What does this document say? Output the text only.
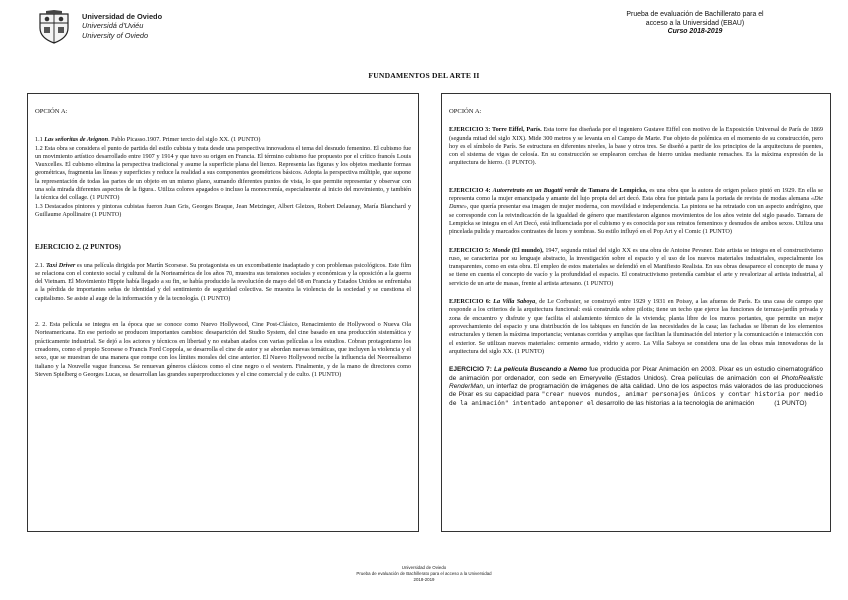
Universidad de Oviedo
Universidá d'Uviéu
University of Oviedo
Prueba de evaluación de Bachillerato para el
acceso a la Universidad (EBAU)
Curso 2018-2019
FUNDAMENTOS DEL ARTE II
OPCIÓN A:

1.1 Las señoritas de Avignon. Pablo Picasso.1907. Primer tercio del siglo XX. (1 PUNTO)

1.2 Esta obra se considera el punto de partida del estilo cubista y trata desde una perspectiva innovadora el tema del desnudo femenino. El cubismo fue un movimiento artístico desarrollado entre 1907 y 1914 y que tuvo su origen en Francia. El término cubismo fue propuesto por el crítico francés Louis Vauxcelles. El cubismo elimina la perspectiva tradicional y asume la superficie plana del lienzo. Representa las figuras y los objetos mediante formas geométricas, fragmenta las líneas y superficies y reduce la realidad a sus componentes geométricos básicos. Adopta la perspectiva múltiple, que supone la representación de todas las partes de un objeto en un mismo plano, sumando diferentes puntos de vista, lo que permite representar y observar con una sola mirada diferentes aspectos de la figura.. Utiliza colores apagados o incluso la monocromía, especialmente al inicio del movimiento, y también la técnica del collage. (1 PUNTO)

1.3 Destacados pintores y pintoras cubistas fueron Juan Gris, Georges Braque, Jean Metzinger, Albert Gleizes, Robert Delaunay, María Blanchard y Guillaume Apollinaire (1 PUNTO)

EJERCICIO 2. (2 PUNTOS)

2.1. Taxi Driver es una película dirigida por Martín Scorsese. Su protagonista es un excombatiente inadaptado y con problemas psicológicos. Este film se relaciona con el contexto social y cultural de la Norteamérica de los años 70, muestra sus tensiones sociales y económicas y la oposición a la guerra del Vietnam. El Movimiento Hippie había llegado a su fin, se había producido la revolución de mayo del 68 en Francia y Estados Unidos se enfrentaba a la pérdida de importantes señas de identidad y del sentimiento de seguridad colectiva. Se muestra la violencia de la sociedad y se cuestiona el capitalismo. Se asiste al auge de la información y de la tecnología. (1 PUNTO)

2. 2. Esta película se integra en la época que se conoce como Nuevo Hollywood, Cine Post-Clásico, Renacimiento de Hollywood o Nueva Ola Norteamericana. En ese periodo se producen importantes cambios: desaparición del Studio System, del cine basado en una producción sistemática y prácticamente industrial. Se dejó a los actores y técnicos en libertad y no estaban atados con varias películas a los estudios. Cobran protagonismo los creadores, como el propio Scorsese o Francis Ford Coppola, se desarrolla el cine de autor y se abordan nuevas temáticas, que incluyen la violencia y el sexo, que se muestran de una manera que rompe con los límites morales del cine anterior. El Nuevo Hollywood recibe la influencia del Neorrealismo italiano y la Nouvelle vague francesa. Se renuevan géneros clásicos como el cine negro o el western. Finalmente, y de la mano de directores como Steven Spielberg o Georges Lucas, se desarrollan las grandes superproducciones y el cine comercial y de culto. (1 PUNTO)

OPCIÓN A:

EJERCICIO 3: Torre Eiffel, París. Esta torre fue diseñada por el ingeniero Gustave Eiffel con motivo de la Exposición Universal de París de 1869 (segunda mitad del siglo XIX). Mide 300 metros y se levanta en el Campo de Marte. Fue objeto de polémica en el momento de su construcción, pero hoy es el símbolo de París. Se estructura en diferentes niveles, la base y otros tres. Se diseñó a partir de los principios de la arquitectura de puentes, con el sistema de vigas de celosía. En su construcción se emplearon cerchas de hierro unidas mediante remaches. Es la máxima expresión de la arquitectura de hierro. (1 PUNTO).

EJERCICIO 4: Autorretrato en un Bugatti verde de Tamara de Lempicka, es una obra que la autora de origen polaco pintó en 1929. En ella se representa como la mujer emancipada y amante del lujo propia del art decó. Esta obra fue pintada para la portada de revista de modas alemana «Die Dame», que quería presentar esa imagen de mujer moderna, con movilidad e independencia. La pintora se ha retratado con un aspecto andrógino, que se corresponde con la reivindicación de la igualdad de género que manifestaron algunos movimientos de los años veinte del siglo pasado. Tamara de Lempicka se integra en el Art Decó, está influenciada por el cubismo y es conocida por sus retratos femeninos y desnudos de ambos sexos. Utiliza una pincelada pulida y marcados contrastes de luces y sombras. Su estilo influyó en el Pop Art y el Comic (1 PUNTO)

EJERCICIO 5: Monde (El mundo), 1947, segunda mitad del siglo XX es una obra de Antoine Pevsner. Este artista se integra en el constructivismo ruso, se caracteriza por su lenguaje abstracto, la investigación sobre el espacio y el uso de los nuevos materiales industriales, especialmente los transparentes, como en esta obra. El empleo de estos materiales se defendió en el Manifiesto Realista. En sus obras desaparece el concepto de masa y se tiene en cuenta el concepto de vacío y la profundidad el espacio. El constructivismo pretendía cambiar el arte y revalorizar al artista industrial, al servicio de un arte de masas, frente al artista artesano. (1 PUNTO)

EJERCICIO 6: La Villa Saboya, de Le Corbusier, se construyó entre 1929 y 1931 en Poissy, a las afueras de París. Es una casa de campo que responde a los criterios de la arquitectura funcional: está construida sobre pilotis; tiene un techo que ejerce las funciones de terraza-jardín privada y zona de encuentro y disfrute y que facilita el aislamiento térmico de la vivienda; planta libre de los muros portantes, que permite un mejor aprovechamiento del espacio y una distribución de los tabiques en función de las necesidades de la casa; las fachadas se liberan de los elementos estructurales y tienen la máxima importancia; ventanas corridas y amplias que facilitan la iluminación del interior y la comunicación e interacción con el exterior. Se utilizan nuevos materiales: cemento armado, vidrio y acero. La Villa Saboya se considera una de las obras más innovadoras de la arquitectura del siglo XX. (1 PUNTO)

EJERCICIO 7: La película Buscando a Nemo fue producida por Pixar Animación en 2003. Pixar es un estudio cinematográfico de animación por ordenador, con sede en Emeryvelle (Estados Unidos). Crea películas de animación con el PhotoRealistic RenderMan, un interfaz de programación de imágenes de alta calidad. Uno de los aspectos más valorados de las producciones de Pixar es su capacidad para "crear nuevos mundos, animar personajes únicos y contar historia por medio de la animación" intentado anteponer el desarrollo de las historias a la tecnología de animación	(1 PUNTO)

Universidad de Oviedo
Prueba de evaluación de Bachillerato para el acceso a la Universidad
2018-2019
